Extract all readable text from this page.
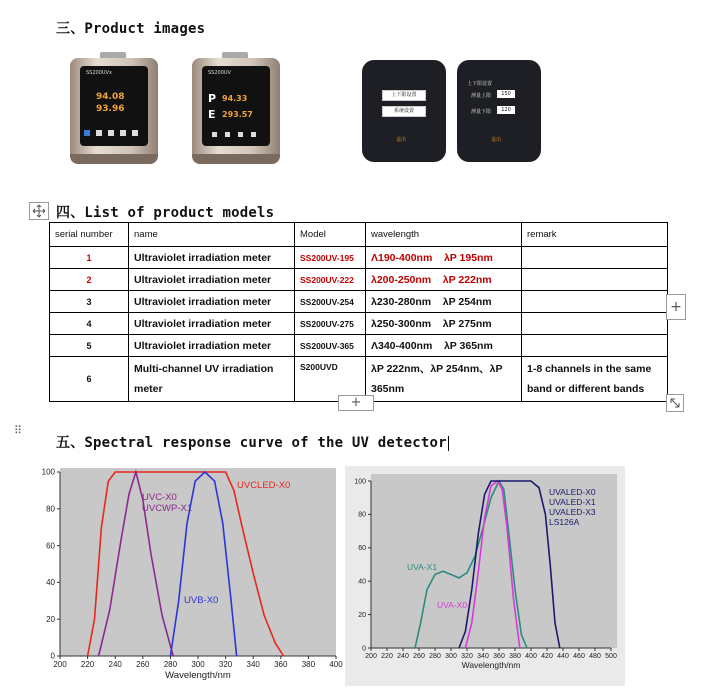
三、Product images
SS200UVx
94.08
93.96
SS200UV
P
E
94.33
293.57
上下限设置
系统设置
退出
上下限设置
测量上限	150
测量下限	120
退出
四、List of product models
serial number	name	Model	wavelength	remark
1	Ultraviolet irradiation meter	SS200UV-195	Λ190-400nm    λP 195nm	
2	Ultraviolet irradiation meter	SS200UV-222	λ200-250nm    λP 222nm	
3	Ultraviolet irradiation meter	SS200UV-254	λ230-280nm    λP 254nm	
4	Ultraviolet irradiation meter	SS200UV-275	λ250-300nm    λP 275nm	
5	Ultraviolet irradiation meter	SS200UV-365	Λ340-400nm    λP 365nm	
6	Multi-channel UV irradiation meter	S200UVD	λP 222nm、λP 254nm、λP 365nm	1-8 channels in the same band or different bands
+
+
⠿
五、Spectral response curve of the UV detector
200 220 240 260 280 300 320 340 360 380 400
0
20
40
60
80
100
Wavelength/nm
UVCLED-X0
UVC-X0
UVCWP-X1
UVB-X0
200 220 240 260 280 300 320 340 360 380 400 420 440 460 480 500
0
20
40
60
80
100
Wavelength/nm
UVA-X1
UVA-X0
UVALED-X0
UVALED-X1
UVALED-X3
LS126A
